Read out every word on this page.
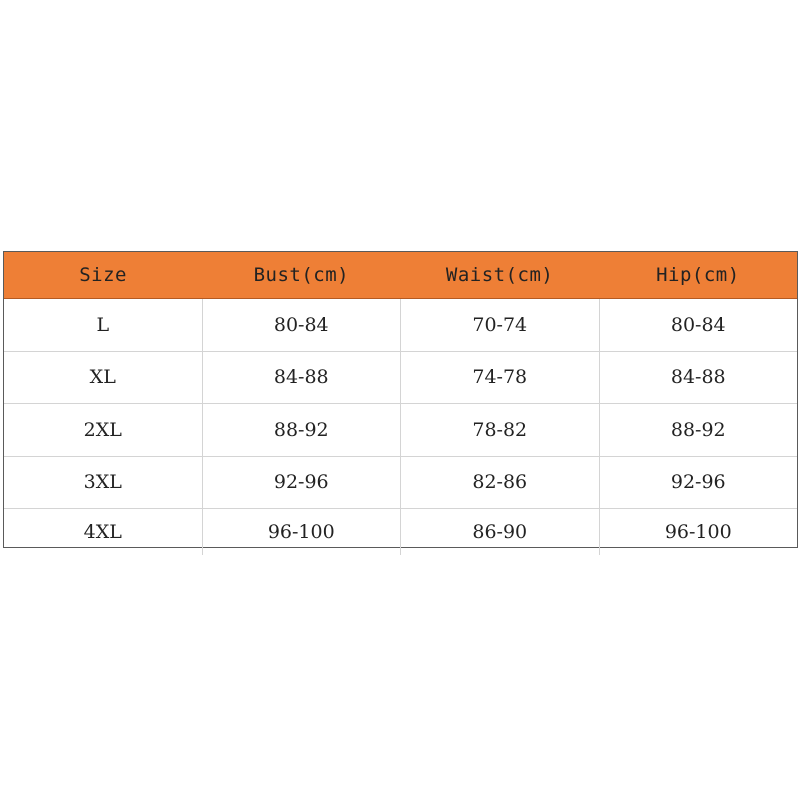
Size	Bust(cm)	Waist(cm)	Hip(cm)
L	80-84	70-74	80-84
XL	84-88	74-78	84-88
2XL	88-92	78-82	88-92
3XL	92-96	82-86	92-96
4XL	96-100	86-90	96-100
